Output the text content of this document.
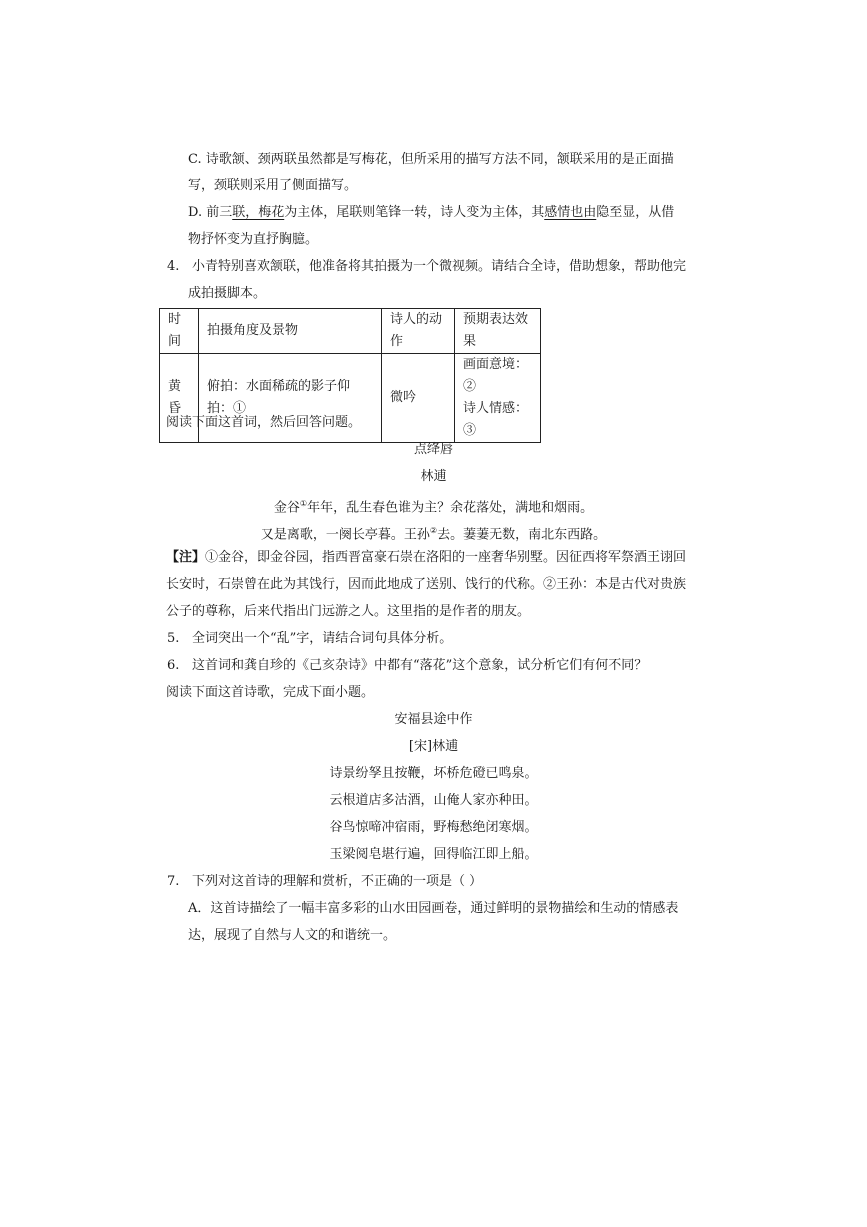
C. 诗歌颔、颈两联虽然都是写梅花，但所采用的描写方法不同，颔联采用的是正面描
写，颈联则采用了侧面描写。
D. 前三联，梅花为主体，尾联则笔锋一转，诗人变为主体，其感情也由隐至显，从借
物抒怀变为直抒胸臆。
4. 小青特别喜欢颔联，他准备将其拍摄为一个微视频。请结合全诗，借助想象，帮助他完
成拍摄脚本。
时间	拍摄角度及景物	诗人的动作	预期表达效果
黄昏	俯拍：水面稀疏的影子仰拍：①	微吟	画面意境：②
诗人情感：③
阅读下面这首词，然后回答问题。
点绛唇
林逋
金谷①年年，乱生春色谁为主？余花落处，满地和烟雨。
又是离歌，一阕长亭暮。王孙②去。萋萋无数，南北东西路。
【注】①金谷，即金谷园，指西晋富豪石崇在洛阳的一座奢华别墅。因征西将军祭酒王诩回
长安时，石崇曾在此为其饯行，因而此地成了送别、饯行的代称。②王孙：本是古代对贵族
公子的尊称，后来代指出门远游之人。这里指的是作者的朋友。
5. 全词突出一个“乱”字，请结合词句具体分析。
6. 这首词和龚自珍的《己亥杂诗》中都有“落花”这个意象，试分析它们有何不同？
阅读下面这首诗歌，完成下面小题。
安福县途中作
[宋]林逋
诗景纷孥且按鞭，坏桥危磴已鸣泉。
云根道店多沽酒，山俺人家亦种田。
谷鸟惊啼冲宿雨，野梅愁绝闭寒烟。
玉梁阅皂堪行遍，回得临江即上船。
7. 下列对这首诗的理解和赏析，不正确的一项是（ ）
A．这首诗描绘了一幅丰富多彩的山水田园画卷，通过鲜明的景物描绘和生动的情感表
达，展现了自然与人文的和谐统一。
